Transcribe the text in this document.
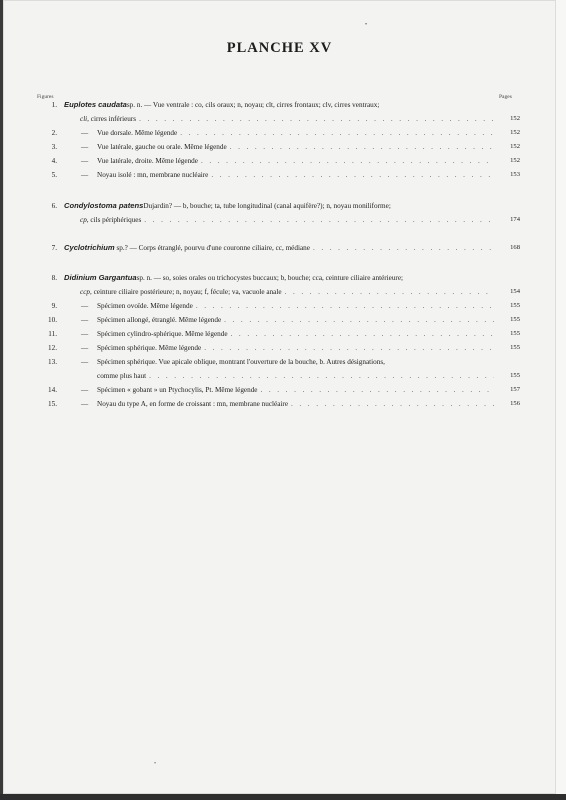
•
PLANCHE XV
Figures	Pages
1. Euplotes caudata sp. n. — Vue ventrale : co, cils oraux; n, noyau; clt, cirres frontaux; clv, cirres ventraux;
cli, cirres inférieurs . . .	152
2.	— Vue dorsale. Même légende . . .	152
3.	— Vue latérale, gauche ou orale. Même légende . . .	152
4.	— Vue latérale, droite. Même légende . . .	152
5.	— Noyau isolé : mn, membrane nucléaire . . .	153
6. Condylostoma patens Dujardin? — b, bouche; ta, tube longitudinal (canal aquifère?); n, noyau moniliforme;
cp, cils périphériques . . .	174
7. Cyclotrichium sp.? — Corps étranglé, pourvu d'une couronne ciliaire, cc, médiane . . .	168
8. Didinium Gargantua sp. n. — so, soies orales ou trichocystes buccaux; b, bouche; cca, ceinture ciliaire antérieure;
ccp, ceinture ciliaire postérieure; n, noyau; f, fécule; va, vacuole anale . . .	154
9.	— Spécimen ovoïde. Même légende . . .	155
10.	— Spécimen allongé, étranglé. Même légende . . .	155
11.	— Spécimen cylindro-sphérique. Même légende . . .	155
12.	— Spécimen sphérique. Même légende . . .	155
13.	— Spécimen sphérique. Vue apicale oblique, montrant l'ouverture de la bouche, b. Autres désignations,
comme plus haut . . .	155
14.	— Spécimen « gobant » un Ptychocylis, Pt. Même légende . . .	157
15.	— Noyau du type A, en forme de croissant : mn, membrane nucléaire . . .	156
•
